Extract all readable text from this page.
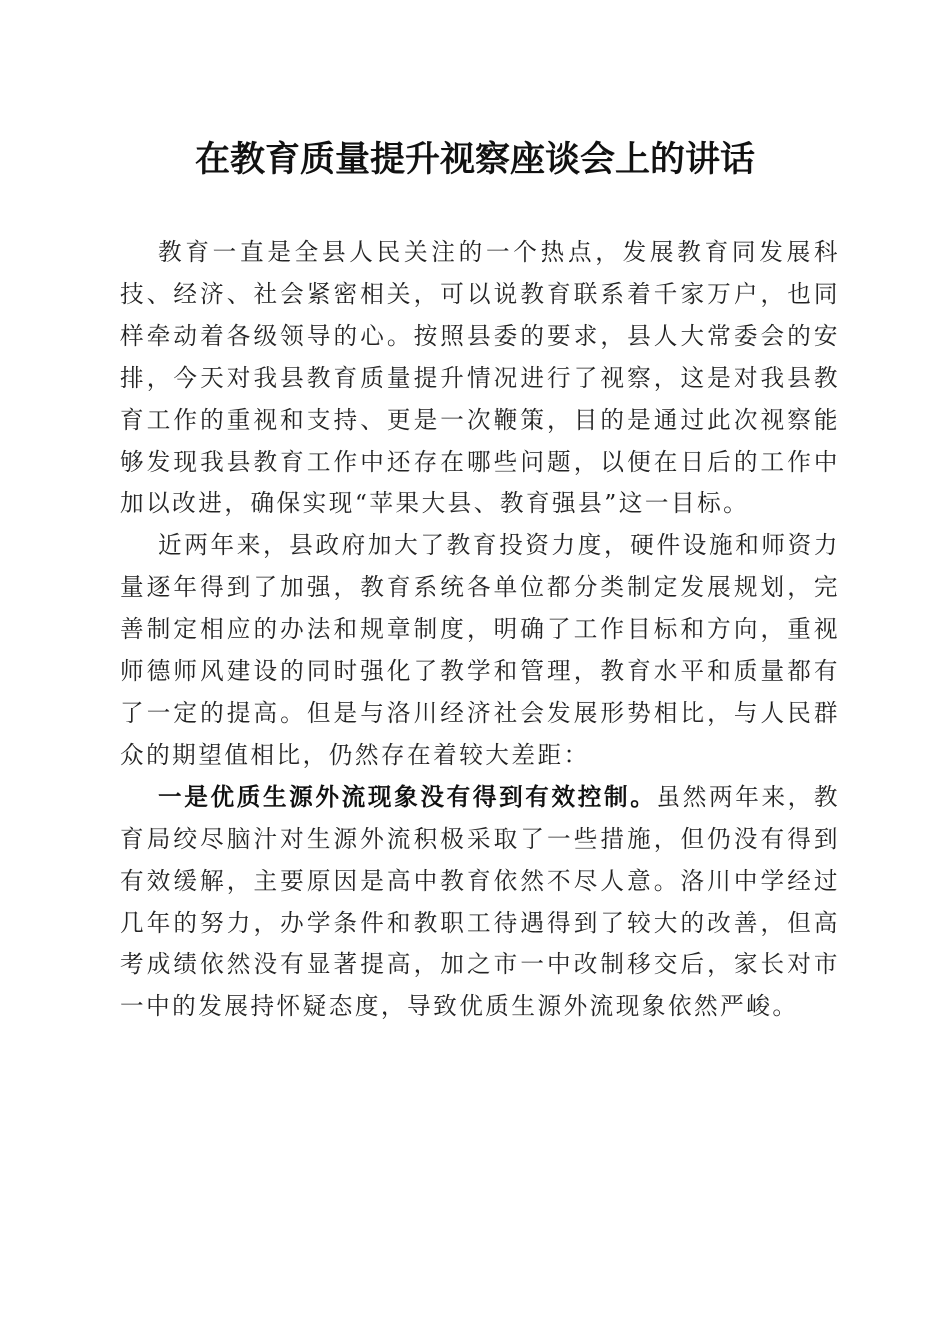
在教育质量提升视察座谈会上的讲话

教育一直是全县人民关注的一个热点，发展教育同发展科技、经济、社会紧密相关，可以说教育联系着千家万户，也同样牵动着各级领导的心。按照县委的要求，县人大常委会的安排，今天对我县教育质量提升情况进行了视察，这是对我县教育工作的重视和支持、更是一次鞭策，目的是通过此次视察能够发现我县教育工作中还存在哪些问题，以便在日后的工作中加以改进，确保实现“苹果大县、教育强县”这一目标。

近两年来，县政府加大了教育投资力度，硬件设施和师资力量逐年得到了加强，教育系统各单位都分类制定发展规划，完善制定相应的办法和规章制度，明确了工作目标和方向，重视师德师风建设的同时强化了教学和管理，教育水平和质量都有了一定的提高。但是与洛川经济社会发展形势相比，与人民群众的期望值相比，仍然存在着较大差距：

一是优质生源外流现象没有得到有效控制。虽然两年来，教育局绞尽脑汁对生源外流积极采取了一些措施，但仍没有得到有效缓解，主要原因是高中教育依然不尽人意。洛川中学经过几年的努力，办学条件和教职工待遇得到了较大的改善，但高考成绩依然没有显著提高，加之市一中改制移交后，家长对市一中的发展持怀疑态度，导致优质生源外流现象依然严峻。
